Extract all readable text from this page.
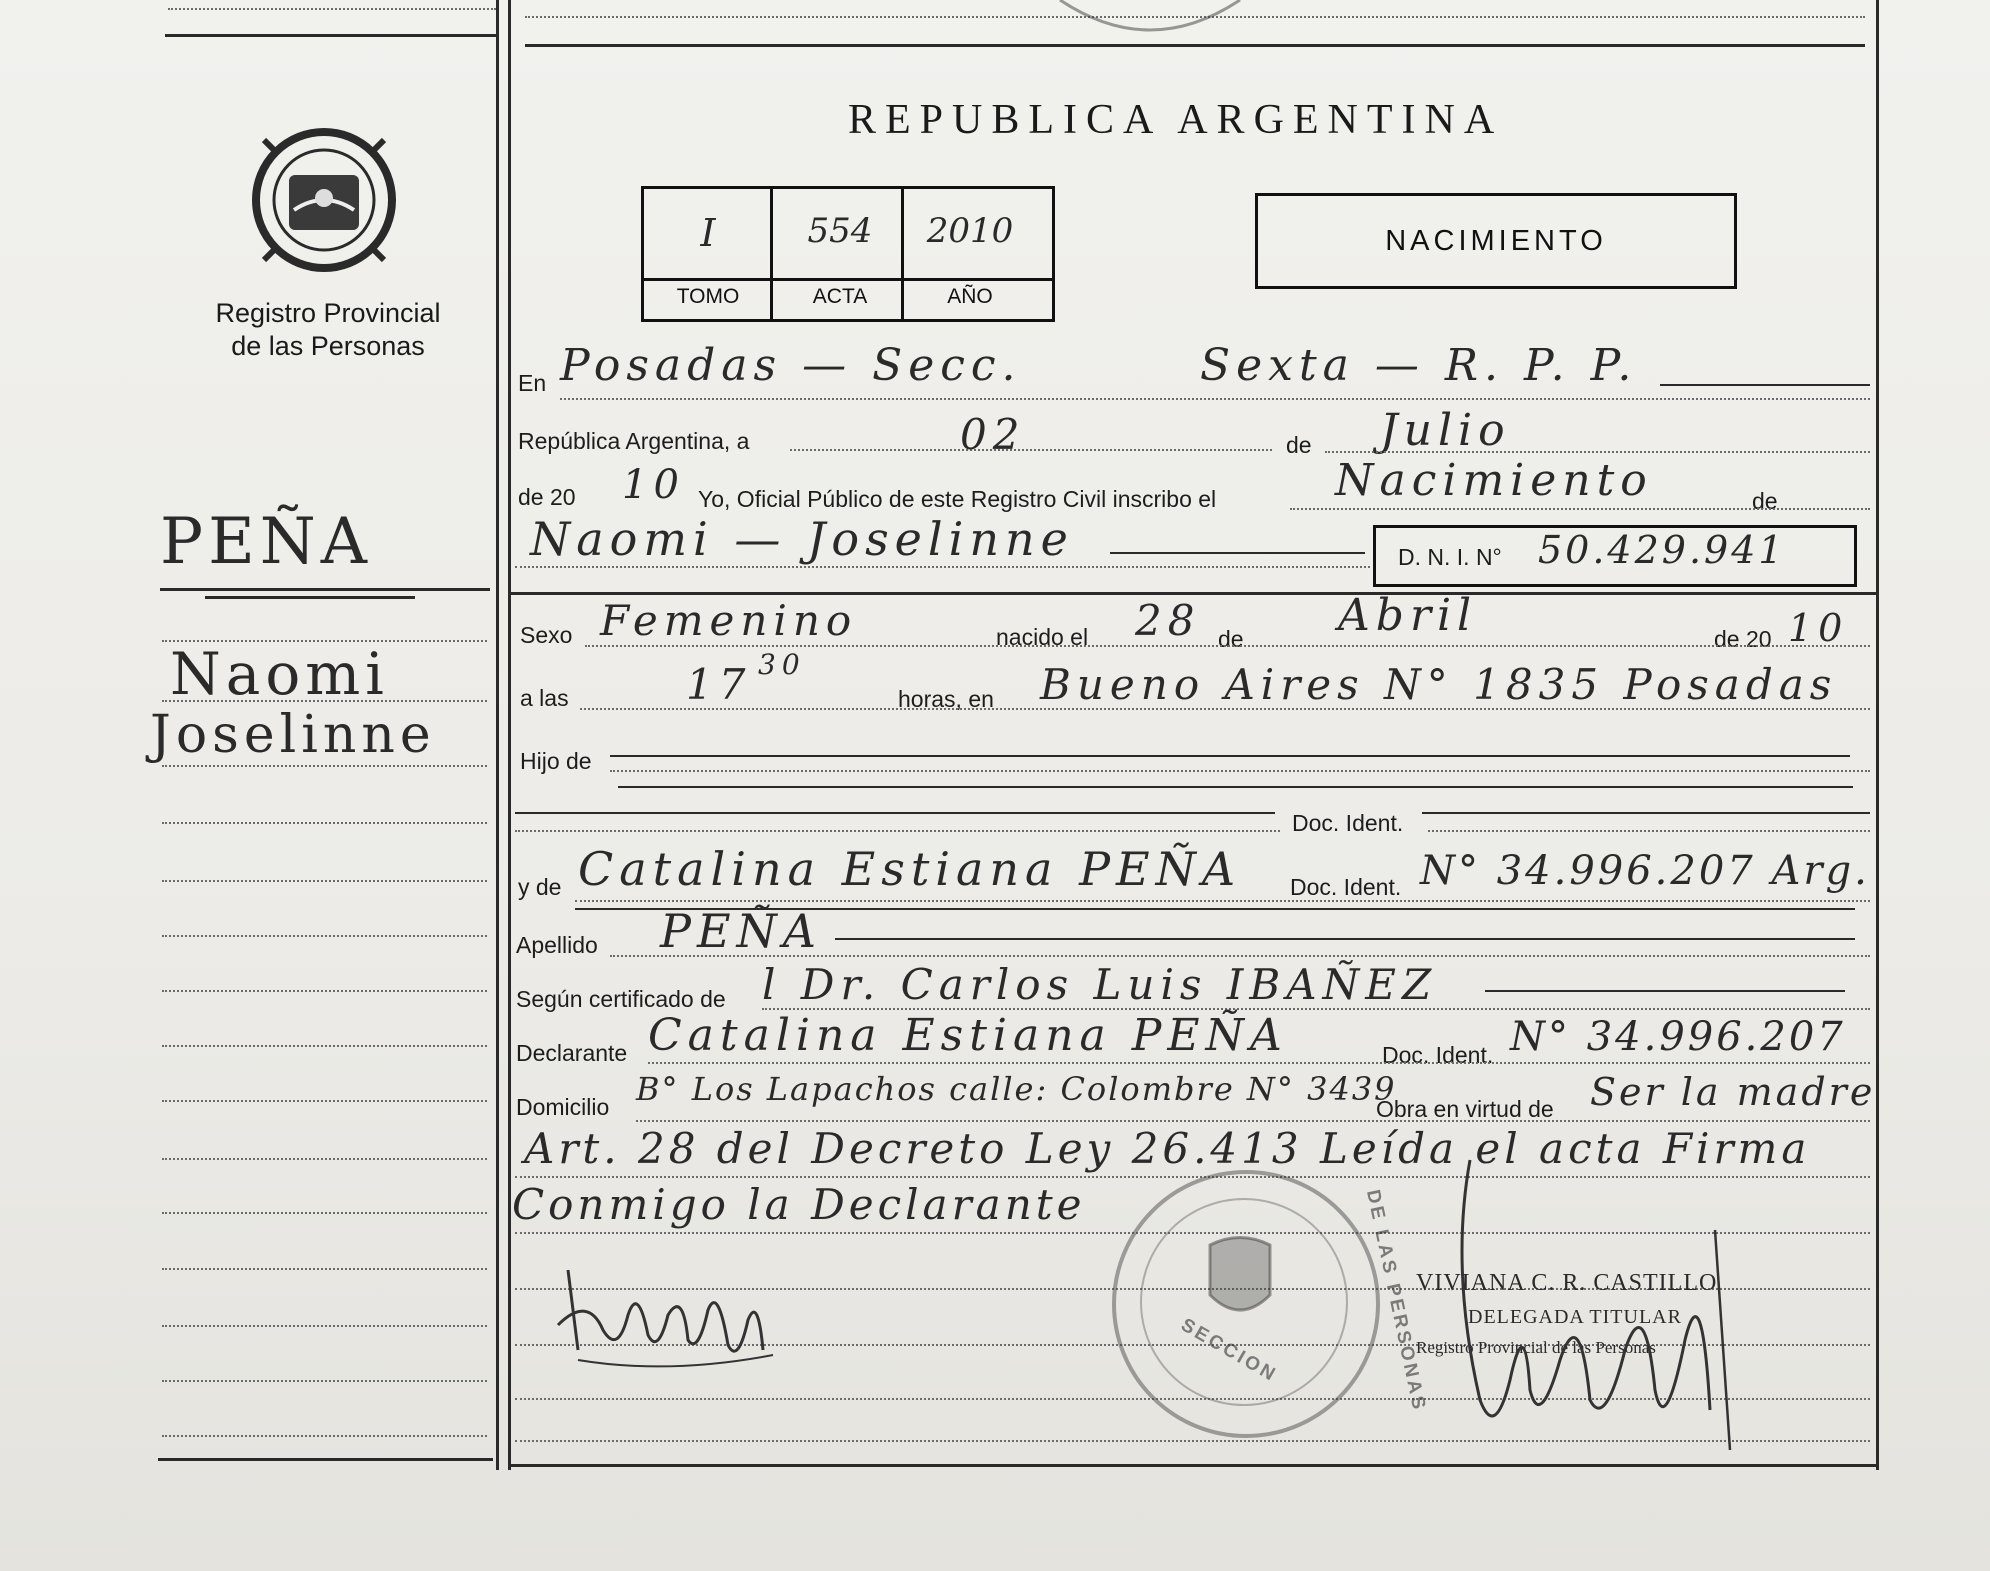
Registro Provincial
de las Personas
PEÑA
Naomi
Joselinne
REPUBLICA ARGENTINA
I	554	2010
TOMO	ACTA	AÑO
NACIMIENTO
En Posadas — Secc.	Sexta — R. P. P.
República Argentina, a	02	de Julio
de 20 10 Yo, Oficial Público de este Registro Civil inscribo el	Nacimiento	de
Naomi — Joselinne	D. N. I. N° 50.429.941
Sexo Femenino	nacido el 28 de Abril	de 20 10
a las	17 30
horas, en Bueno Aires N° 1835 Posadas
Hijo de
Doc. Ident.
y de Catalina Estiana PEÑA Doc. Ident. N° 34.996.207 Arg.
Apellido PEÑA
Según certificado de l Dr. Carlos Luis IBAÑEZ
Declarante Catalina Estiana PEÑA	Doc. Ident. N° 34.996.207
Domicilio B° Los Lapachos calle: Colombre N° 3439
Obra en virtud de Ser la madre
Art. 28 del Decreto Ley 26.413 Leída el acta Firma
Conmigo la Declarante	DE LAS PERSONAS
SECCION
VIVIANA C. R. CASTILLO
DELEGADA TITULAR
Registro Provincial de las Personas
